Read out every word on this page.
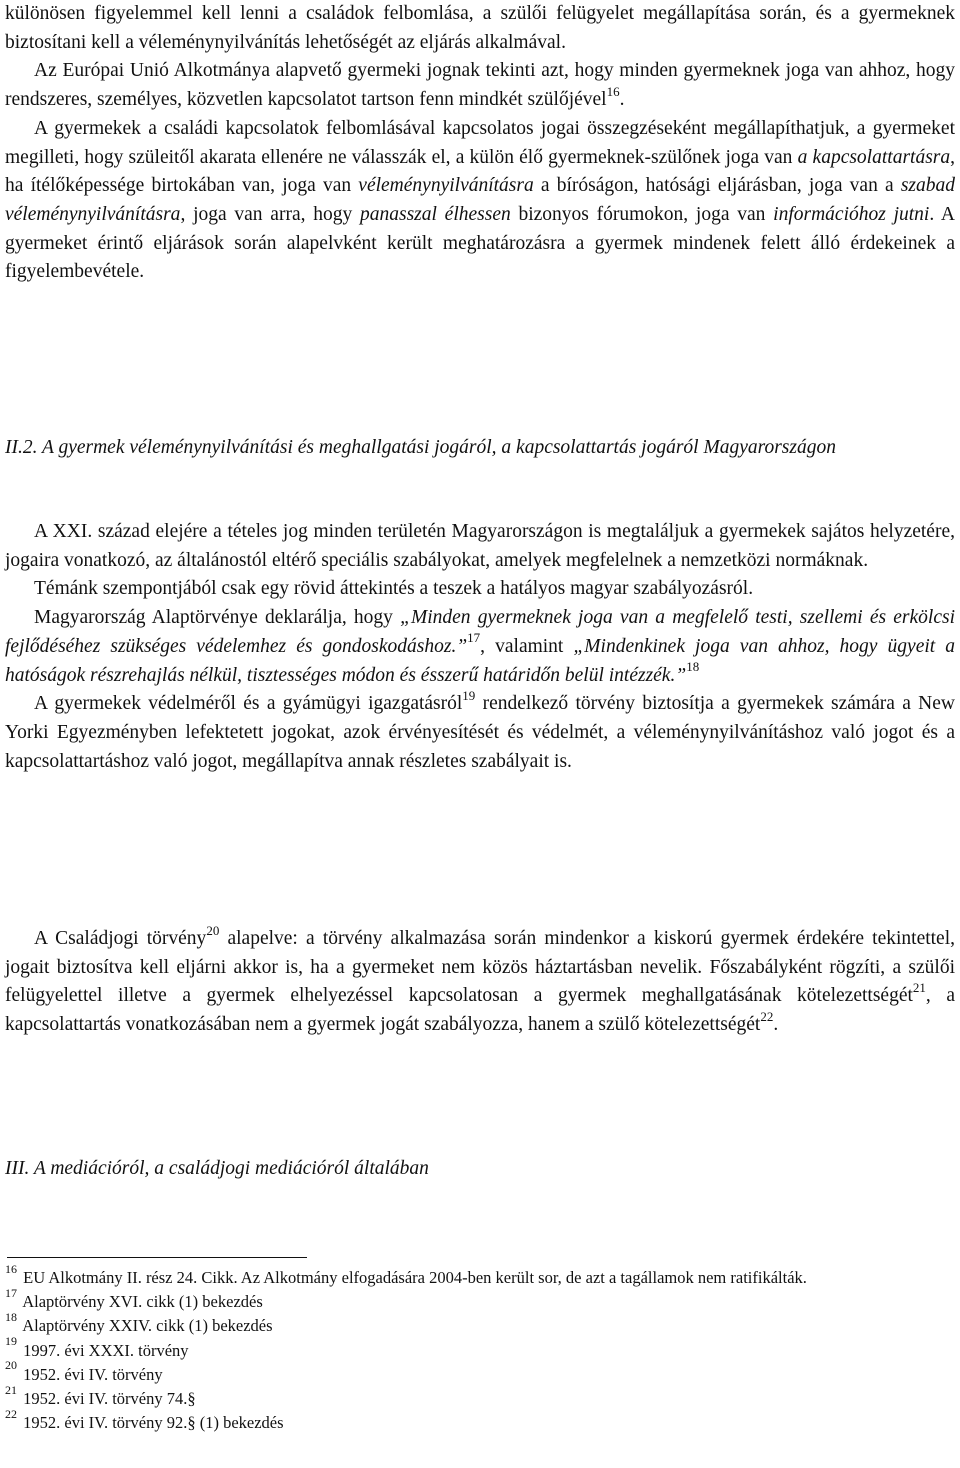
különösen figyelemmel kell lenni a családok felbomlása, a szülői felügyelet megállapítása során, és a gyermeknek biztosítani kell a véleménynyilvánítás lehetőségét az eljárás alkalmával.

Az Európai Unió Alkotmánya alapvető gyermeki jognak tekinti azt, hogy minden gyermeknek joga van ahhoz, hogy rendszeres, személyes, közvetlen kapcsolatot tartson fenn mindkét szülőjével$^{16}$.

A gyermekek a családi kapcsolatok felbomlásával kapcsolatos jogai összegzéseként megállapíthatjuk, a gyermeket megilleti, hogy szüleitől akarata ellenére ne válasszák el, a külön élő gyermeknek-szülőnek joga van a kapcsolattartásra, ha ítélőképessége birtokában van, joga van véleménynyilvánításra a bíróságon, hatósági eljárásban, joga van a szabad véleménynyilvánításra, joga van arra, hogy panasszal élhessen bizonyos fórumokon, joga van információhoz jutni. A gyermeket érintő eljárások során alapelvként került meghatározásra a gyermek mindenek felett álló érdekeinek a figyelembevétele.

II.2. A gyermek véleménynyilvánítási és meghallgatási jogáról, a kapcsolattartás jogáról Magyarországon

A XXI. század elejére a tételes jog minden területén Magyarországon is megtaláljuk a gyermekek sajátos helyzetére, jogaira vonatkozó, az általánostól eltérő speciális szabályokat, amelyek megfelelnek a nemzetközi normáknak.

Témánk szempontjából csak egy rövid áttekintés a teszek a hatályos magyar szabályozásról.

Magyarország Alaptörvénye deklarálja, hogy „Minden gyermeknek joga van a megfelelő testi, szellemi és erkölcsi fejlődéséhez szükséges védelemhez és gondoskodáshoz.”$^{17}$, valamint „Mindenkinek joga van ahhoz, hogy ügyeit a hatóságok részrehajlás nélkül, tisztességes módon és ésszerű határidőn belül intézzék.”$^{18}$

A gyermekek védelméről és a gyámügyi igazgatásról$^{19}$ rendelkező törvény biztosítja a gyermekek számára a New Yorki Egyezményben lefektetett jogokat, azok érvényesítését és védelmét, a véleménynyilvánításhoz való jogot és a kapcsolattartáshoz való jogot, megállapítva annak részletes szabályait is.

A Családjogi törvény$^{20}$ alapelve: a törvény alkalmazása során mindenkor a kiskorú gyermek érdekére tekintettel, jogait biztosítva kell eljárni akkor is, ha a gyermeket nem közös háztartásban nevelik. Főszabályként rögzíti, a szülői felügyelettel illetve a gyermek elhelyezéssel kapcsolatosan a gyermek meghallgatásának kötelezettségét$^{21}$, a kapcsolattartás vonatkozásában nem a gyermek jogát szabályozza, hanem a szülő kötelezettségét$^{22}$.

III. A mediációról, a családjogi mediációról általában

$^{16}$ EU Alkotmány II. rész 24. Cikk. Az Alkotmány elfogadására 2004-ben került sor, de azt a tagállamok nem ratifikálták.

$^{17}$ Alaptörvény XVI. cikk (1) bekezdés

$^{18}$ Alaptörvény XXIV. cikk (1) bekezdés

$^{19}$ 1997. évi XXXI. törvény

$^{20}$ 1952. évi IV. törvény

$^{21}$ 1952. évi IV. törvény 74.§

$^{22}$ 1952. évi IV. törvény 92.§ (1) bekezdés
